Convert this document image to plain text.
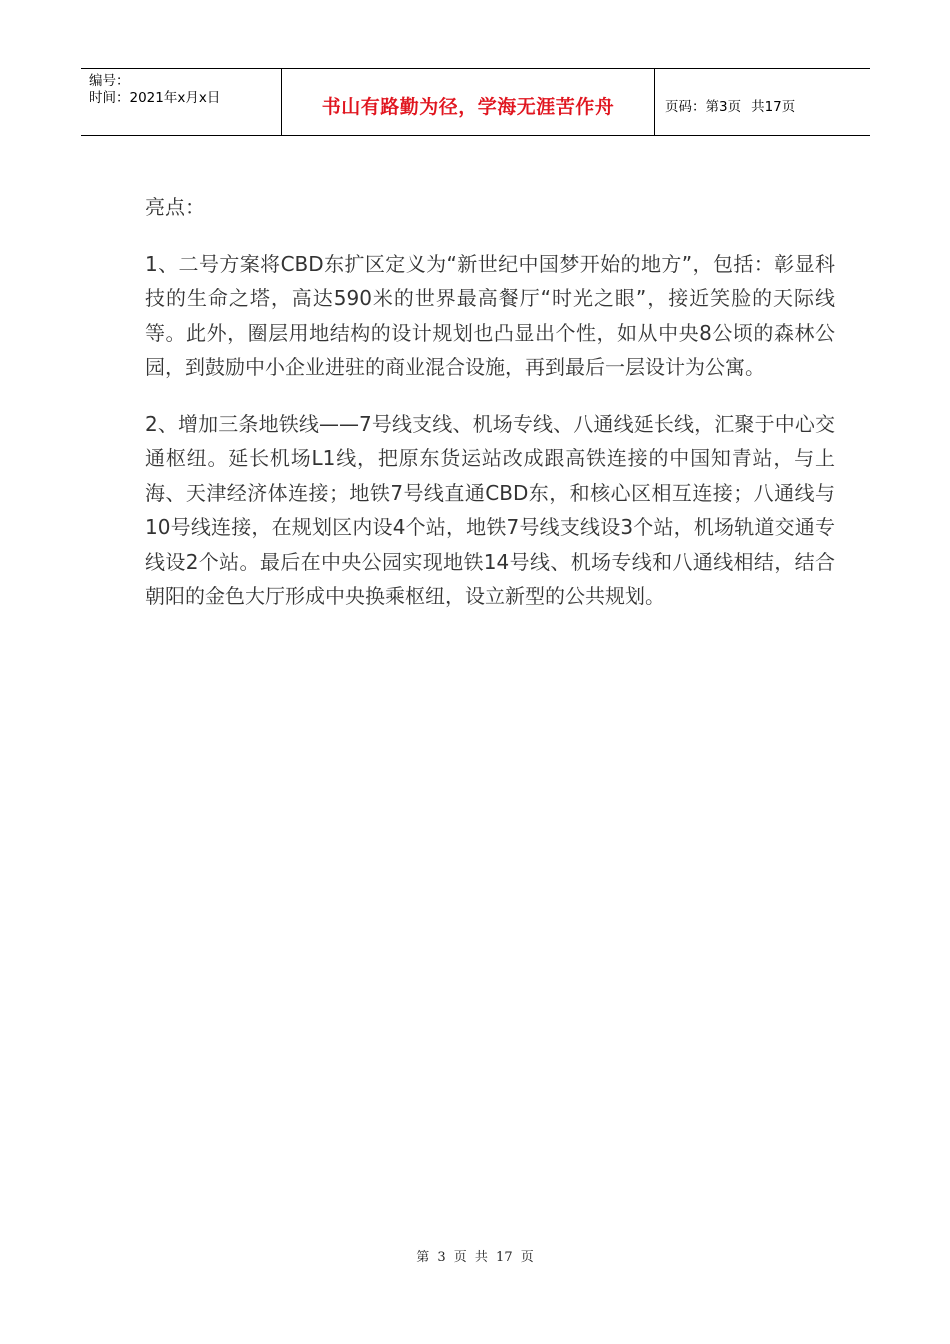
编号：
时间：2021年x月x日	书山有路勤为径，学海无涯苦作舟	页码：第3页 共17页

亮点：

1、二号方案将CBD东扩区定义为“新世纪中国梦开始的地方”，包括：彰显科技的生命之塔，高达590米的世界最高餐厅“时光之眼”，接近笑脸的天际线等。此外，圈层用地结构的设计规划也凸显出个性，如从中央8公顷的森林公园，到鼓励中小企业进驻的商业混合设施，再到最后一层设计为公寓。

2、增加三条地铁线——7号线支线、机场专线、八通线延长线，汇聚于中心交通枢纽。延长机场L1线，把原东货运站改成跟高铁连接的中国知青站，与上海、天津经济体连接；地铁7号线直通CBD东，和核心区相互连接；八通线与10号线连接，在规划区内设4个站，地铁7号线支线设3个站，机场轨道交通专线设2个站。最后在中央公园实现地铁14号线、机场专线和八通线相结，结合朝阳的金色大厅形成中央换乘枢纽，设立新型的公共规划。

第 3 页 共 17 页
